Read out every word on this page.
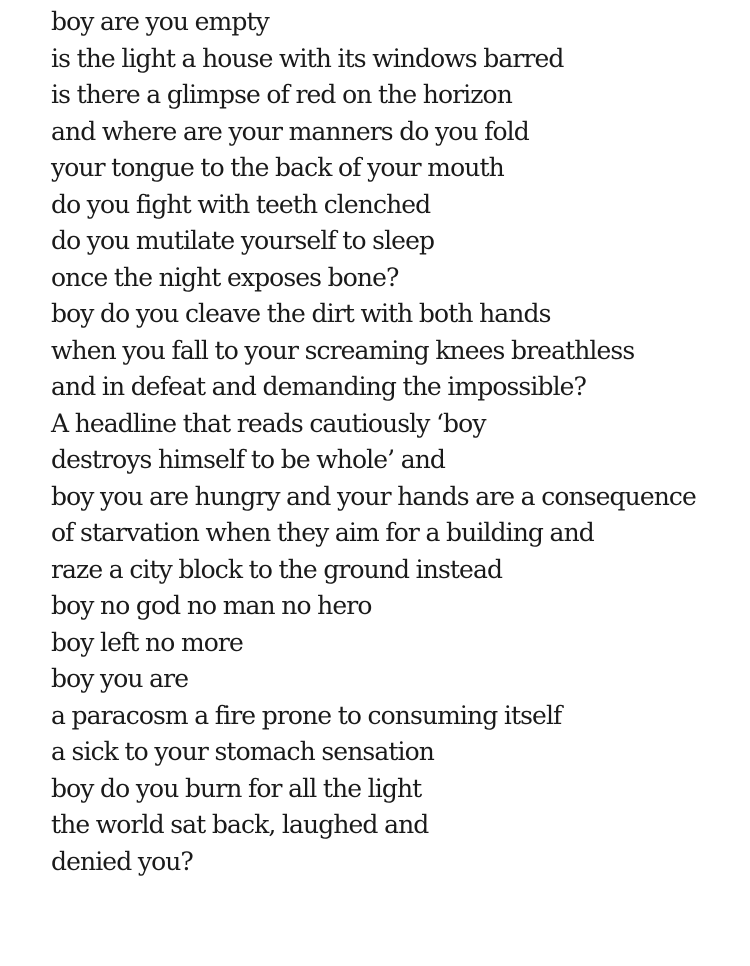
boy are you empty
is the light a house with its windows barred
is there a glimpse of red on the horizon
and where are your manners do you fold
your tongue to the back of your mouth
do you fight with teeth clenched
do you mutilate yourself to sleep
once the night exposes bone?
boy do you cleave the dirt with both hands
when you fall to your screaming knees breathless
and in defeat and demanding the impossible?
A headline that reads cautiously ‘boy
destroys himself to be whole’ and
boy you are hungry and your hands are a consequence
of starvation when they aim for a building and
raze a city block to the ground instead
boy no god no man no hero
boy left no more
boy you are
a paracosm a fire prone to consuming itself
a sick to your stomach sensation
boy do you burn for all the light
the world sat back, laughed and
denied you?
